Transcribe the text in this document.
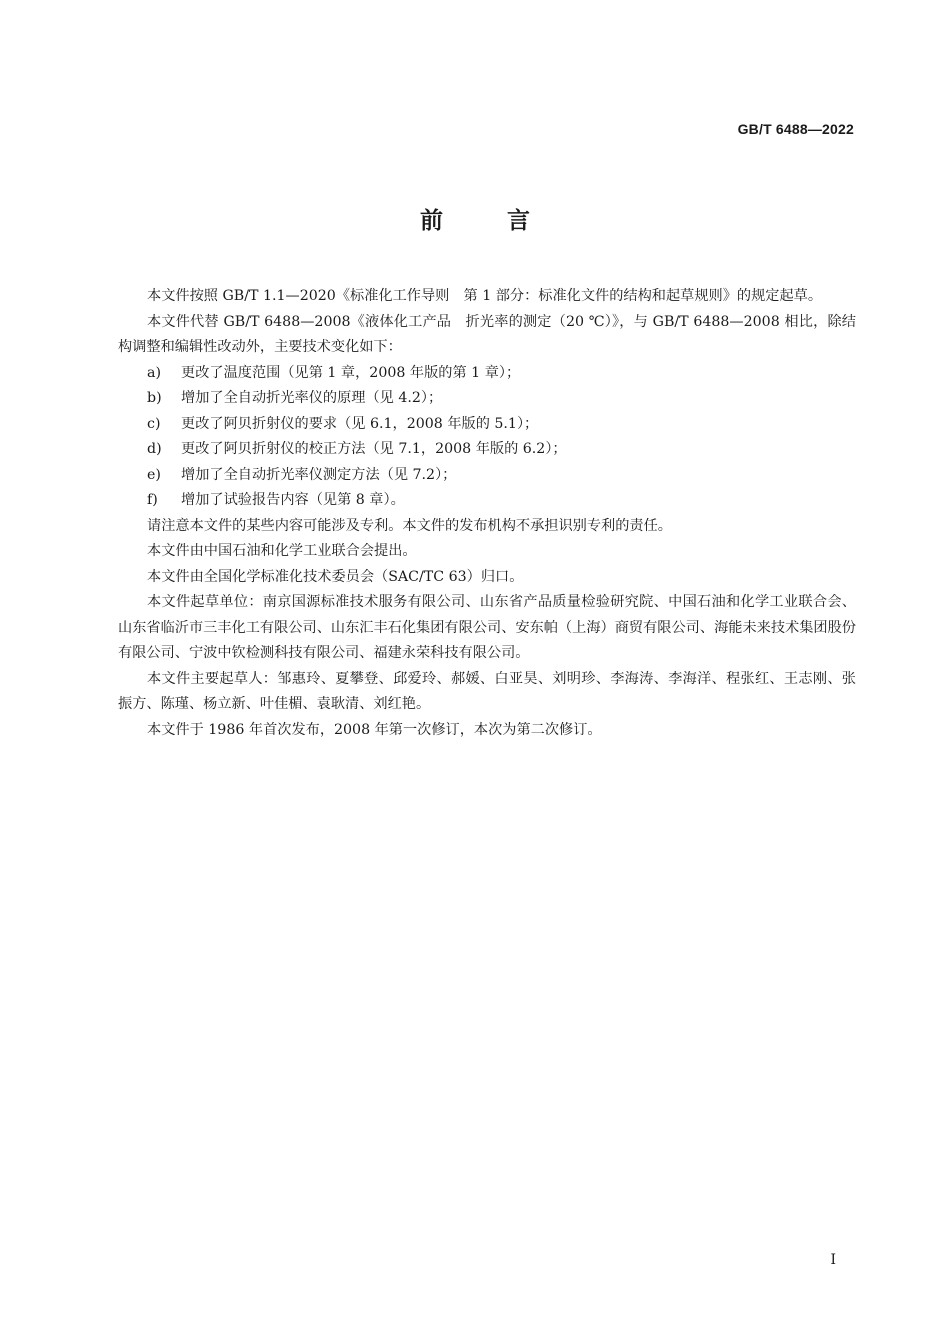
GB/T 6488—2022
前言

本文件按照 GB/T 1.1—2020《标准化工作导则　第 1 部分：标准化文件的结构和起草规则》的规定起草。

本文件代替 GB/T 6488—2008《液体化工产品　折光率的测定（20 ℃）》，与 GB/T 6488—2008 相比，除结构调整和编辑性改动外，主要技术变化如下：

a)	更改了温度范围（见第 1 章，2008 年版的第 1 章）；
b)	增加了全自动折光率仪的原理（见 4.2）；
c)	更改了阿贝折射仪的要求（见 6.1，2008 年版的 5.1）；
d)	更改了阿贝折射仪的校正方法（见 7.1，2008 年版的 6.2）；
e)	增加了全自动折光率仪测定方法（见 7.2）；
f)	增加了试验报告内容（见第 8 章）。

请注意本文件的某些内容可能涉及专利。本文件的发布机构不承担识别专利的责任。

本文件由中国石油和化学工业联合会提出。

本文件由全国化学标准化技术委员会（SAC/TC 63）归口。

本文件起草单位：南京国源标准技术服务有限公司、山东省产品质量检验研究院、中国石油和化学工业联合会、山东省临沂市三丰化工有限公司、山东汇丰石化集团有限公司、安东帕（上海）商贸有限公司、海能未来技术集团股份有限公司、宁波中钦检测科技有限公司、福建永荣科技有限公司。

本文件主要起草人：邹惠玲、夏攀登、邱爱玲、郝媛、白亚昊、刘明珍、李海涛、李海洋、程张红、王志刚、张振方、陈瑾、杨立新、叶佳楣、袁耿清、刘红艳。

本文件于 1986 年首次发布，2008 年第一次修订，本次为第二次修订。

I
